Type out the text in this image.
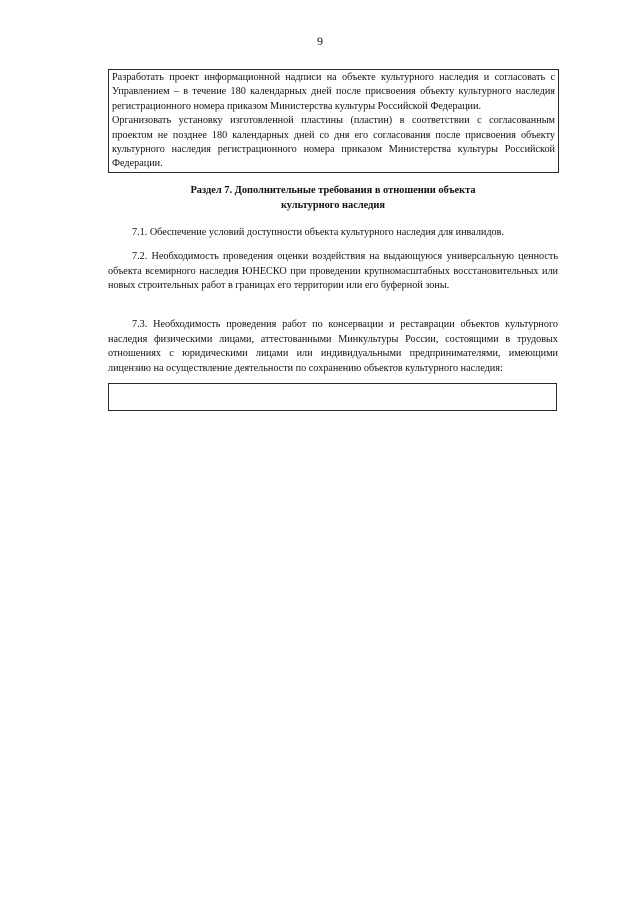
9

Разработать проект информационной надписи на объекте культурного наследия и согласовать с Управлением – в течение 180 календарных дней после присвоения объекту культурного наследия регистрационного номера приказом Министерства культуры Российской Федерации.

Организовать установку изготовленной пластины (пластин) в соответствии с согласованным проектом не позднее 180 календарных дней со дня его согласования после присвоения объекту культурного наследия регистрационного номера приказом Министерства культуры Российской Федерации.

Раздел 7. Дополнительные требования в отношении объекта
культурного наследия

7.1. Обеспечение условий доступности объекта культурного наследия для инвалидов.

7.2. Необходимость проведения оценки воздействия на выдающуюся универсальную ценность объекта всемирного наследия ЮНЕСКО при проведении крупномасштабных восстановительных или новых строительных работ в границах его территории или его буферной зоны.

7.3. Необходимость проведения работ по консервации и реставрации объектов культурного наследия физическими лицами, аттестованными Минкультуры России, состоящими в трудовых отношениях с юридическими лицами или индивидуальными предпринимателями, имеющими лицензию на осуществление деятельности по сохранению объектов культурного наследия:
